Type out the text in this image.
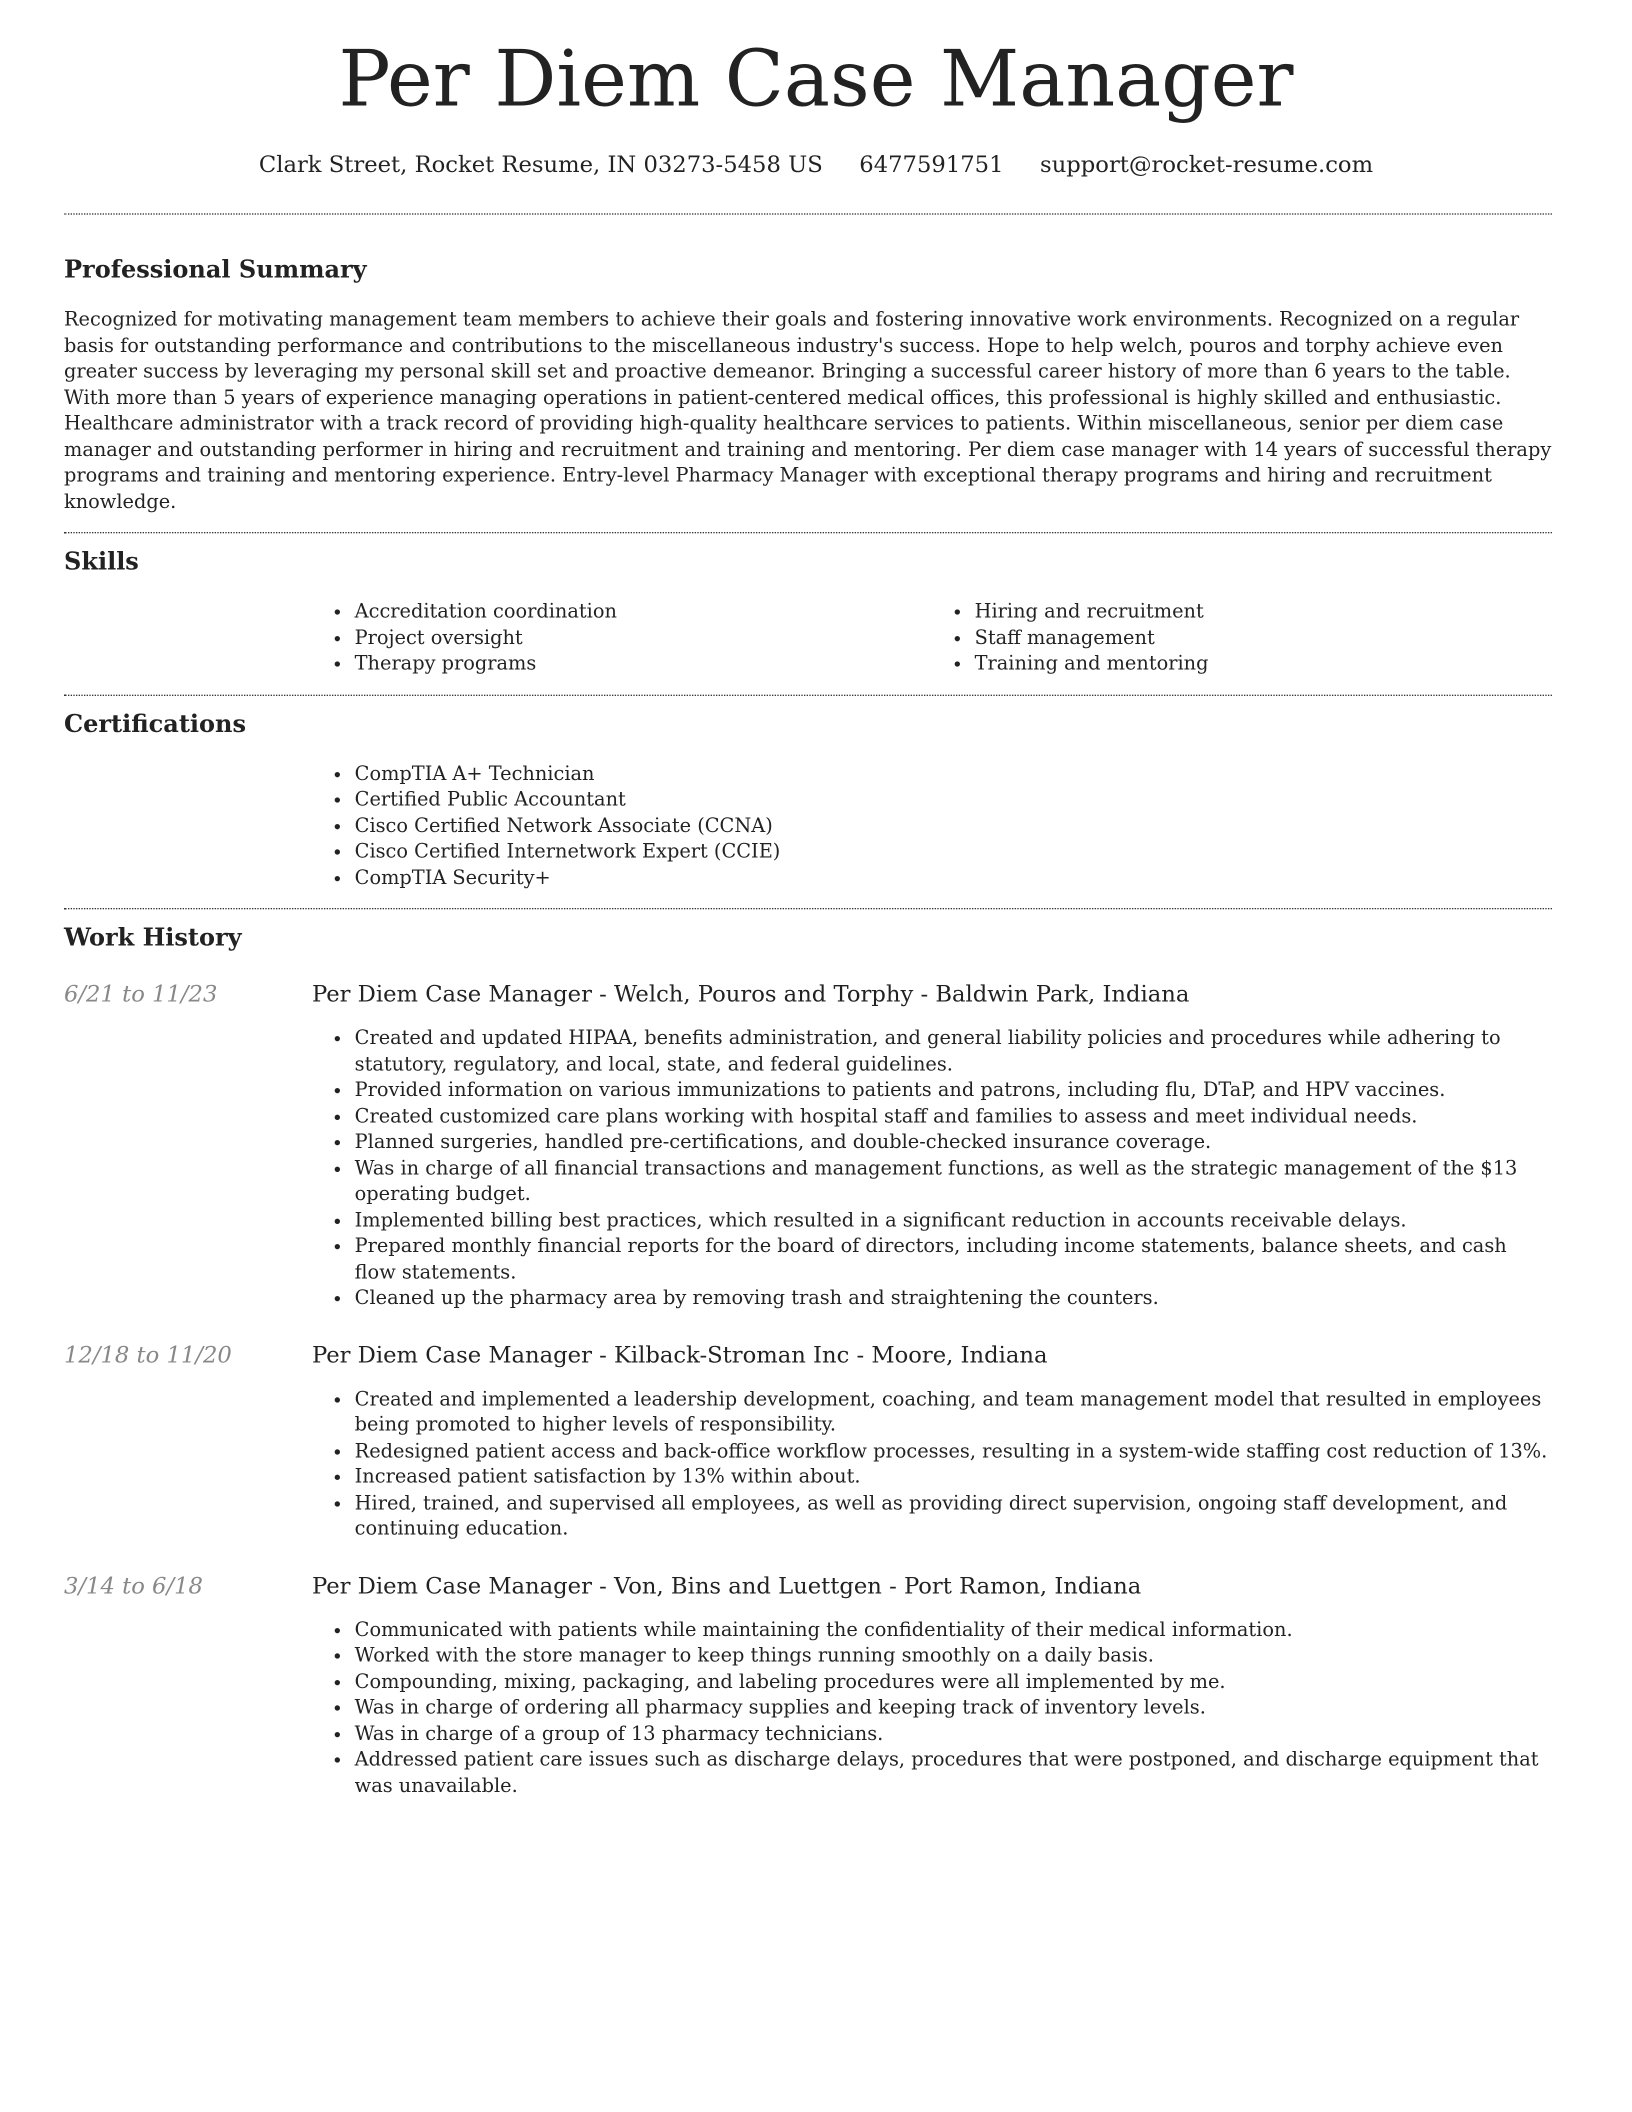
Per Diem Case Manager
Clark Street, Rocket Resume, IN 03273-5458 US 6477591751 support@rocket-resume.com
Professional Summary

Recognized for motivating management team members to achieve their goals and fostering innovative work environments. Recognized on a regular basis for outstanding performance and contributions to the miscellaneous industry's success. Hope to help welch, pouros and torphy achieve even greater success by leveraging my personal skill set and proactive demeanor. Bringing a successful career history of more than 6 years to the table. With more than 5 years of experience managing operations in patient-centered medical offices, this professional is highly skilled and enthusiastic. Healthcare administrator with a track record of providing high-quality healthcare services to patients. Within miscellaneous, senior per diem case manager and outstanding performer in hiring and recruitment and training and mentoring. Per diem case manager with 14 years of successful therapy programs and training and mentoring experience. Entry-level Pharmacy Manager with exceptional therapy programs and hiring and recruitment knowledge.

Skills
• Accreditation coordination
• Project oversight
• Therapy programs
• Hiring and recruitment
• Staff management
• Training and mentoring
Certifications
• CompTIA A+ Technician
• Certified Public Accountant
• Cisco Certified Network Associate (CCNA)
• Cisco Certified Internetwork Expert (CCIE)
• CompTIA Security+
Work History
6/21 to 11/23	Per Diem Case Manager - Welch, Pouros and Torphy - Baldwin Park, Indiana
• Created and updated HIPAA, benefits administration, and general liability policies and procedures while adhering to statutory, regulatory, and local, state, and federal guidelines.
• Provided information on various immunizations to patients and patrons, including flu, DTaP, and HPV vaccines.
• Created customized care plans working with hospital staff and families to assess and meet individual needs.
• Planned surgeries, handled pre-certifications, and double-checked insurance coverage.
• Was in charge of all financial transactions and management functions, as well as the strategic management of the $13 operating budget.
• Implemented billing best practices, which resulted in a significant reduction in accounts receivable delays.
• Prepared monthly financial reports for the board of directors, including income statements, balance sheets, and cash flow statements.
• Cleaned up the pharmacy area by removing trash and straightening the counters.
12/18 to 11/20	Per Diem Case Manager - Kilback-Stroman Inc - Moore, Indiana
• Created and implemented a leadership development, coaching, and team management model that resulted in employees being promoted to higher levels of responsibility.
• Redesigned patient access and back-office workflow processes, resulting in a system-wide staffing cost reduction of 13%.
• Increased patient satisfaction by 13% within about.
• Hired, trained, and supervised all employees, as well as providing direct supervision, ongoing staff development, and continuing education.
3/14 to 6/18	Per Diem Case Manager - Von, Bins and Luettgen - Port Ramon, Indiana
• Communicated with patients while maintaining the confidentiality of their medical information.
• Worked with the store manager to keep things running smoothly on a daily basis.
• Compounding, mixing, packaging, and labeling procedures were all implemented by me.
• Was in charge of ordering all pharmacy supplies and keeping track of inventory levels.
• Was in charge of a group of 13 pharmacy technicians.
• Addressed patient care issues such as discharge delays, procedures that were postponed, and discharge equipment that was unavailable.
